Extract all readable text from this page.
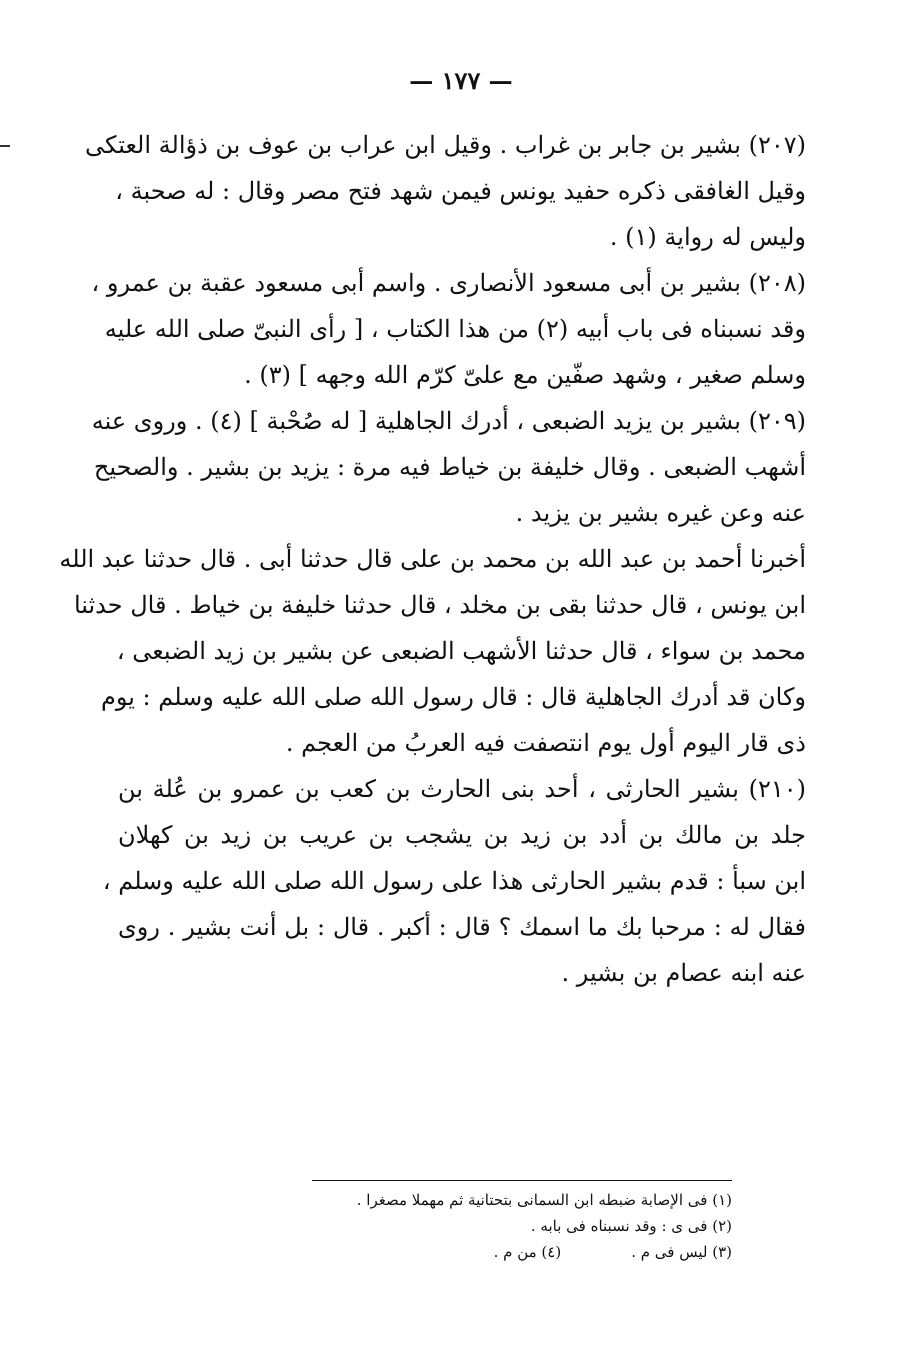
— ١٧٧ —
(٢٠٧) بشير بن جابر بن غراب . وقيل ابن عراب بن عوف بن ذؤالة العتكى
وقيل الغافقى ذكره حفيد يونس فيمن شهد فتح مصر وقال : له صحبة ،
وليس له رواية (١) .
(٢٠٨) بشير بن أبى مسعود الأنصارى . واسم أبى مسعود عقبة بن عمرو ،
وقد نسبناه فى باب أبيه (٢) من هذا الكتاب ، [ رأى النبىّ صلى الله عليه
وسلم صغير ، وشهد صفّين مع علىّ كرّم الله وجهه ] (٣) .
(٢٠٩) بشير بن يزيد الضبعى ، أدرك الجاهلية [ له صُحْبة ] (٤) . وروى عنه
أشهب الضبعى . وقال خليفة بن خياط فيه مرة : يزيد بن بشير . والصحيح
عنه وعن غيره بشير بن يزيد .
أخبرنا أحمد بن عبد الله بن محمد بن على قال حدثنا أبى . قال حدثنا عبد الله
ابن يونس ، قال حدثنا بقى بن مخلد ، قال حدثنا خليفة بن خياط . قال حدثنا
محمد بن سواء ، قال حدثنا الأشهب الضبعى عن بشير بن زيد الضبعى ،
وكان قد أدرك الجاهلية قال : قال رسول الله صلى الله عليه وسلم : يوم
ذى قار اليوم أول يوم انتصفت فيه العربُ من العجم .
(٢١٠) بشير الحارثى ، أحد بنى الحارث بن كعب بن عمرو بن عُلة بن
جلد بن مالك بن أدد بن زيد بن يشجب بن عريب بن زيد بن كهلان
ابن سبأ : قدم بشير الحارثى هذا على رسول الله صلى الله عليه وسلم ،
فقال له : مرحبا بك ما اسمك ؟ قال : أكبر . قال : بل أنت بشير . روى
عنه ابنه عصام بن بشير .
(١) فى الإصابة ضبطه ابن السمانى بتحتانية ثم مهملا مصغرا .
(٢) فى ى : وقد نسبناه فى بابه .
(٣) ليس فى م .
(٤) من م .
